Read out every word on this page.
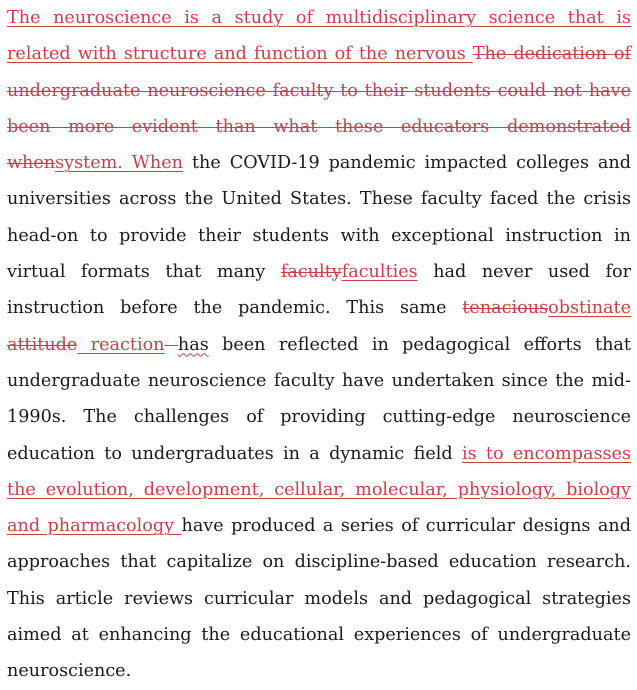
The neuroscience is a study of multidisciplinary science that is related with structure and function of the nervous The dedication of undergraduate neuroscience faculty to their students could not have been more evident than what these educators demonstrated whensystem. When the COVID-19 pandemic impacted colleges and universities across the United States. These faculty faced the crisis head-on to provide their students with exceptional instruction in virtual formats that many facultyfaculties had never used for instruction before the pandemic. This same tenaciousobstinate attitude reaction has been reflected in pedagogical efforts that undergraduate neuroscience faculty have undertaken since the mid-1990s. The challenges of providing cutting-edge neuroscience education to undergraduates in a dynamic field is to encompasses the evolution, development, cellular, molecular, physiology, biology and pharmacology have produced a series of curricular designs and approaches that capitalize on discipline-based education research. This article reviews curricular models and pedagogical strategies aimed at enhancing the educational experiences of undergraduate neuroscience.
